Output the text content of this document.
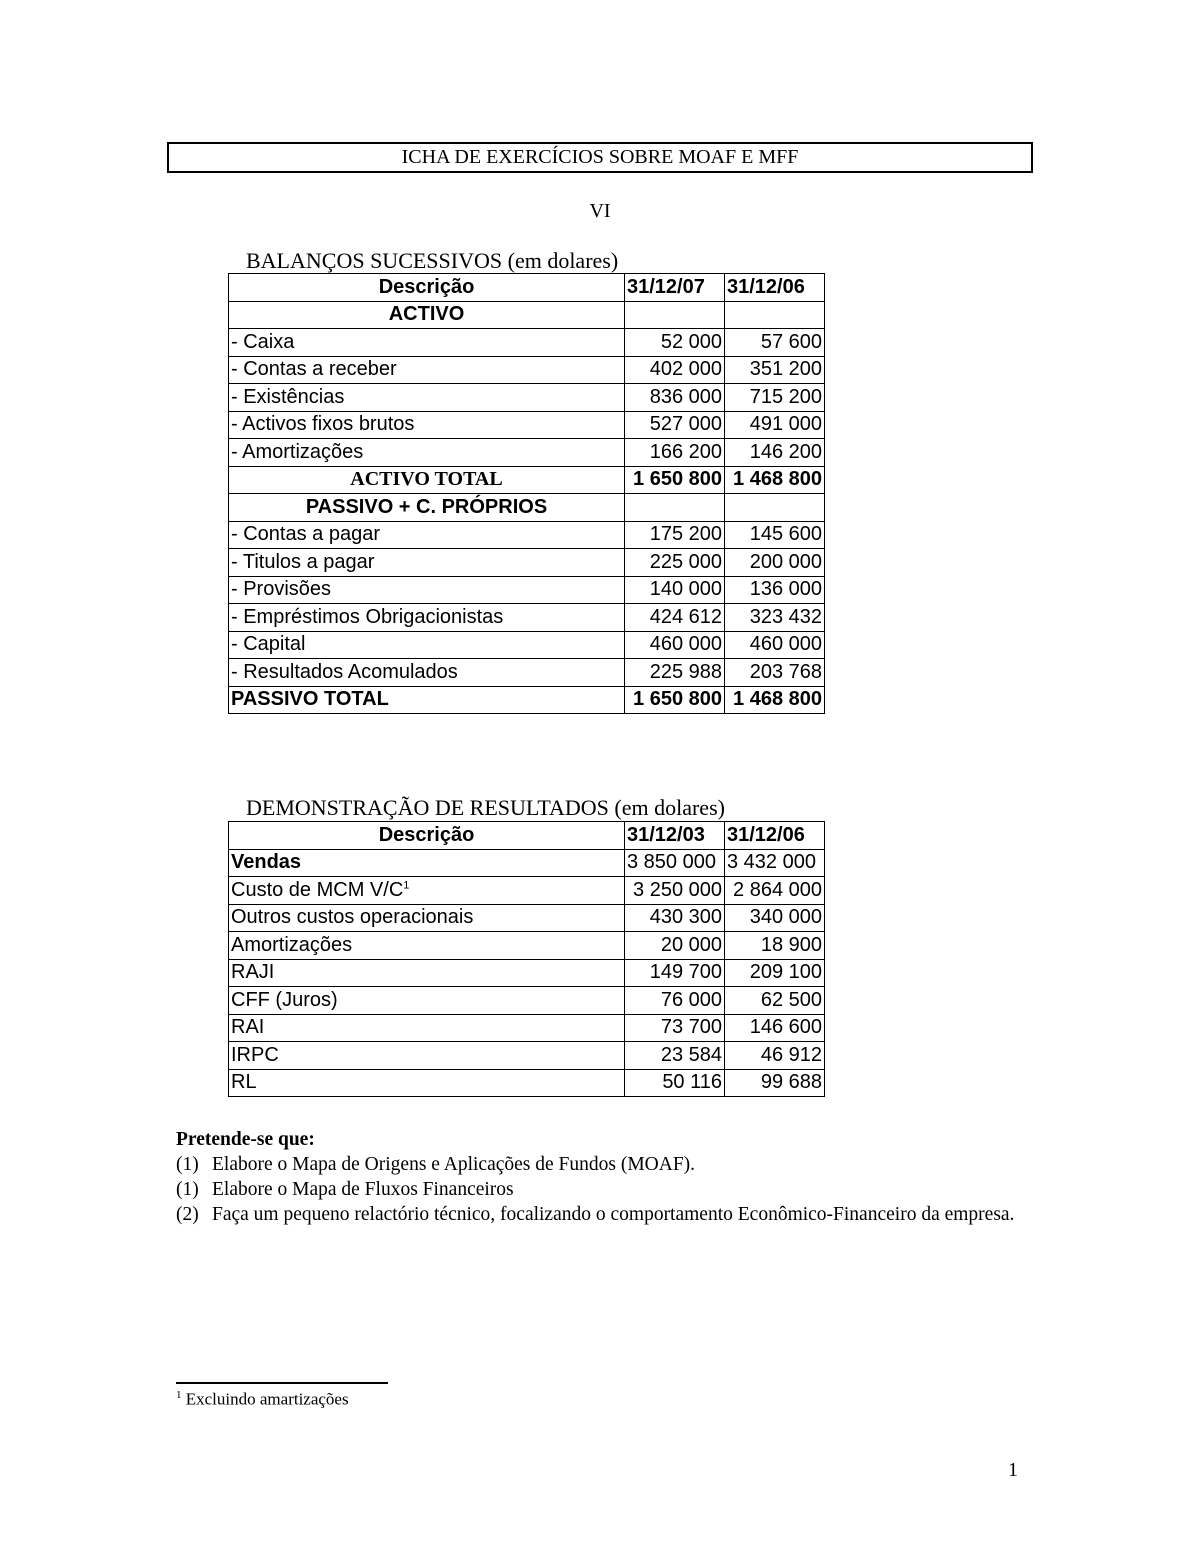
ICHA DE EXERCÍCIOS SOBRE MOAF E MFF
VI
BALANÇOS SUCESSIVOS (em dolares)
Descrição	31/12/07	31/12/06
ACTIVO		
- Caixa	52 000	57 600
- Contas a receber	402 000	351 200
- Existências	836 000	715 200
- Activos fixos brutos	527 000	491 000
- Amortizações	166 200	146 200
ACTIVO TOTAL	1 650 800	1 468 800
PASSIVO + C. PRÓPRIOS		
- Contas a pagar	175 200	145 600
- Titulos a pagar	225 000	200 000
- Provisões	140 000	136 000
- Empréstimos Obrigacionistas	424 612	323 432
- Capital	460 000	460 000
- Resultados Acomulados	225 988	203 768
PASSIVO TOTAL	1 650 800	1 468 800
DEMONSTRAÇÃO DE RESULTADOS (em dolares)
Descrição	31/12/03	31/12/06
Vendas	3 850 000	3 432 000
Custo de MCM $V/C^1$	3 250 000	2 864 000
Outros custos operacionais	430 300	340 000
Amortizações	20 000	18 900
RAJI	149 700	209 100
CFF (Juros)	76 000	62 500
RAI	73 700	146 600
IRPC	23 584	46 912
RL	50 116	99 688
Pretende-se que:
(1) Elabore o Mapa de Origens e Aplicações de Fundos (MOAF).
(1) Elabore o Mapa de Fluxos Financeiros
(2) Faça um pequeno relactório técnico, focalizando o comportamento Econômico-Financeiro da empresa.
$^1$ Excluindo amartizações
1
